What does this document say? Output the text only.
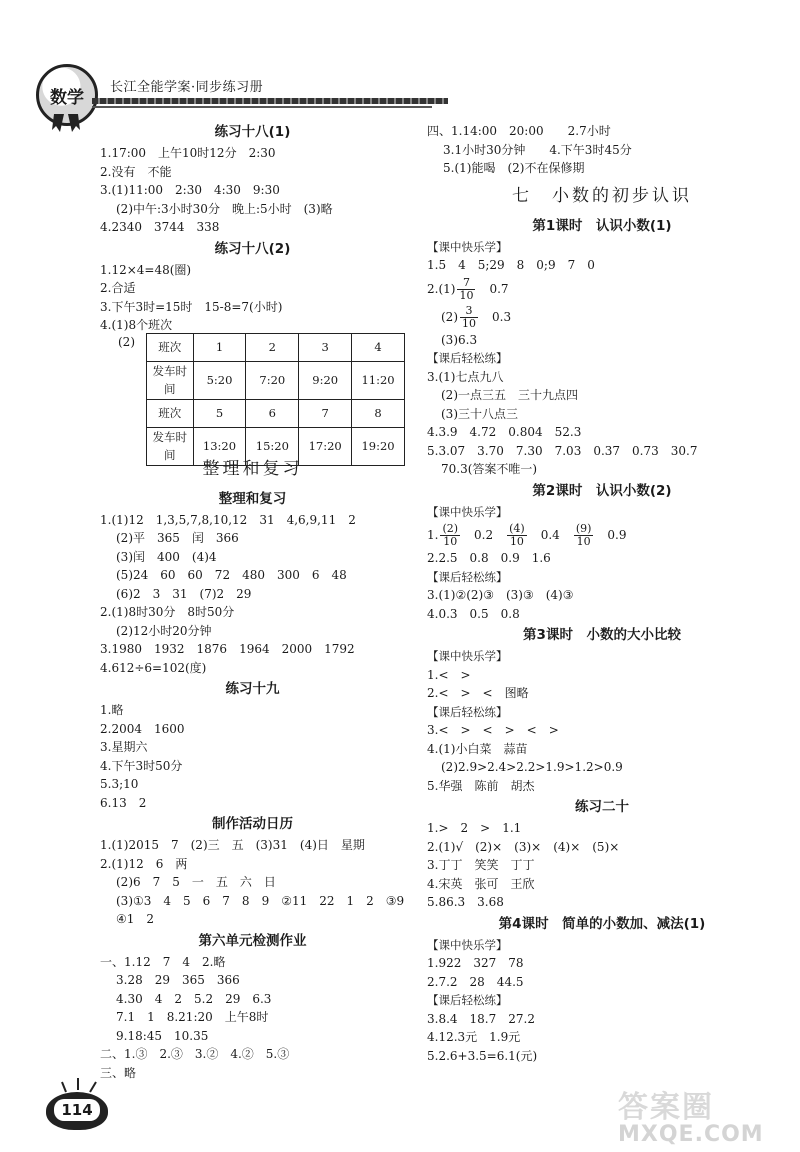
数学 长江全能学案·同步练习册
练习十八(1)
1.17:00　上午10时12分　2:30
2.没有　不能
3.(1)11:00　2:30　4:30　9:30
(2)中午:3小时30分　晚上:5小时　(3)略
4.2340　3744　338
练习十八(2)
1.12×4=48(圈)
2.合适
3.下午3时=15时　15-8=7(小时)
4.(1)8个班次
(2) 班次	1	2	3	4
发车时间	5:20	7:20	9:20	11:20
班次	5	6	7	8
发车时间	13:20	15:20	17:20	19:20
整理和复习
整理和复习
1.(1)12　1,3,5,7,8,10,12　31　4,6,9,11　2
(2)平　365　闰　366
(3)闰　400　(4)4
(5)24　60　60　72　480　300　6　48
(6)2　3　31　(7)2　29
2.(1)8时30分　8时50分
(2)12小时20分钟
3.1980　1932　1876　1964　2000　1792
4.612÷6=102(度)
练习十九
1.略
2.2004　1600
3.星期六
4.下午3时50分
5.3;10
6.13　2
制作活动日历
1.(1)2015　7　(2)三　五　(3)31　(4)日　星期
2.(1)12　6　两
(2)6　7　5　一　五　六　日
(3)①3　4　5　6　7　8　9　②11　22　1　2　③9
④1　2
第六单元检测作业
一、1.12　7　4　2.略
3.28　29　365　366
4.30　4　2　5.2　29　6.3
7.1　1　8.21:20　上午8时
9.18:45　10.35
二、1.③　2.③　3.②　4.②　5.③
三、略
四、1.14:00　20:00　　2.7小时
3.1小时30分钟　　4.下午3时45分
5.(1)能喝　(2)不在保修期
七　小数的初步认识
第1课时　认识小数(1)
【课中快乐学】
1.5　4　5;29　8　0;9　7　0
$2.(1) \frac{7}{10}$ 　0.7
$(2) \frac{3}{10}$ 　0.3
(3)6.3
【课后轻松练】
3.(1)七点九八
(2)一点三五　三十九点四
(3)三十八点三
4.3.9　4.72　0.804　52.3
5.3.07　3.70　7.30　7.03　0.37　0.73　30.7
70.3(答案不唯一)
第2课时　认识小数(2)
【课中快乐学】
1. $\frac{(2)}{10}$ 　0.2　 $\frac{(4)}{10}$ 　0.4　 $\frac{(9)}{10}$ 　0.9
2.2.5　0.8　0.9　1.6
【课后轻松练】
3.(1)②(2)③　(3)③　(4)③
4.0.3　0.5　0.8
第3课时　小数的大小比较
【课中快乐学】
1.<　>
2.<　>　<　图略
【课后轻松练】
3.<　>　<　>　<　>
4.(1)小白菜　蒜苗
(2)2.9>2.4>2.2>1.9>1.2>0.9
5.华强　陈前　胡杰
练习二十
1.>　2　>　1.1
2.(1)√　(2)×　(3)×　(4)×　(5)×
3.丁丁　笑笑　丁丁
4.宋英　张可　王欣
5.86.3　3.68
第4课时　简单的小数加、减法(1)
【课中快乐学】
1.922　327　78
2.7.2　28　44.5
【课后轻松练】
3.8.4　18.7　27.2
4.12.3元　1.9元
5.2.6+3.5=6.1(元)
114	答案圈
MXQE.COM
